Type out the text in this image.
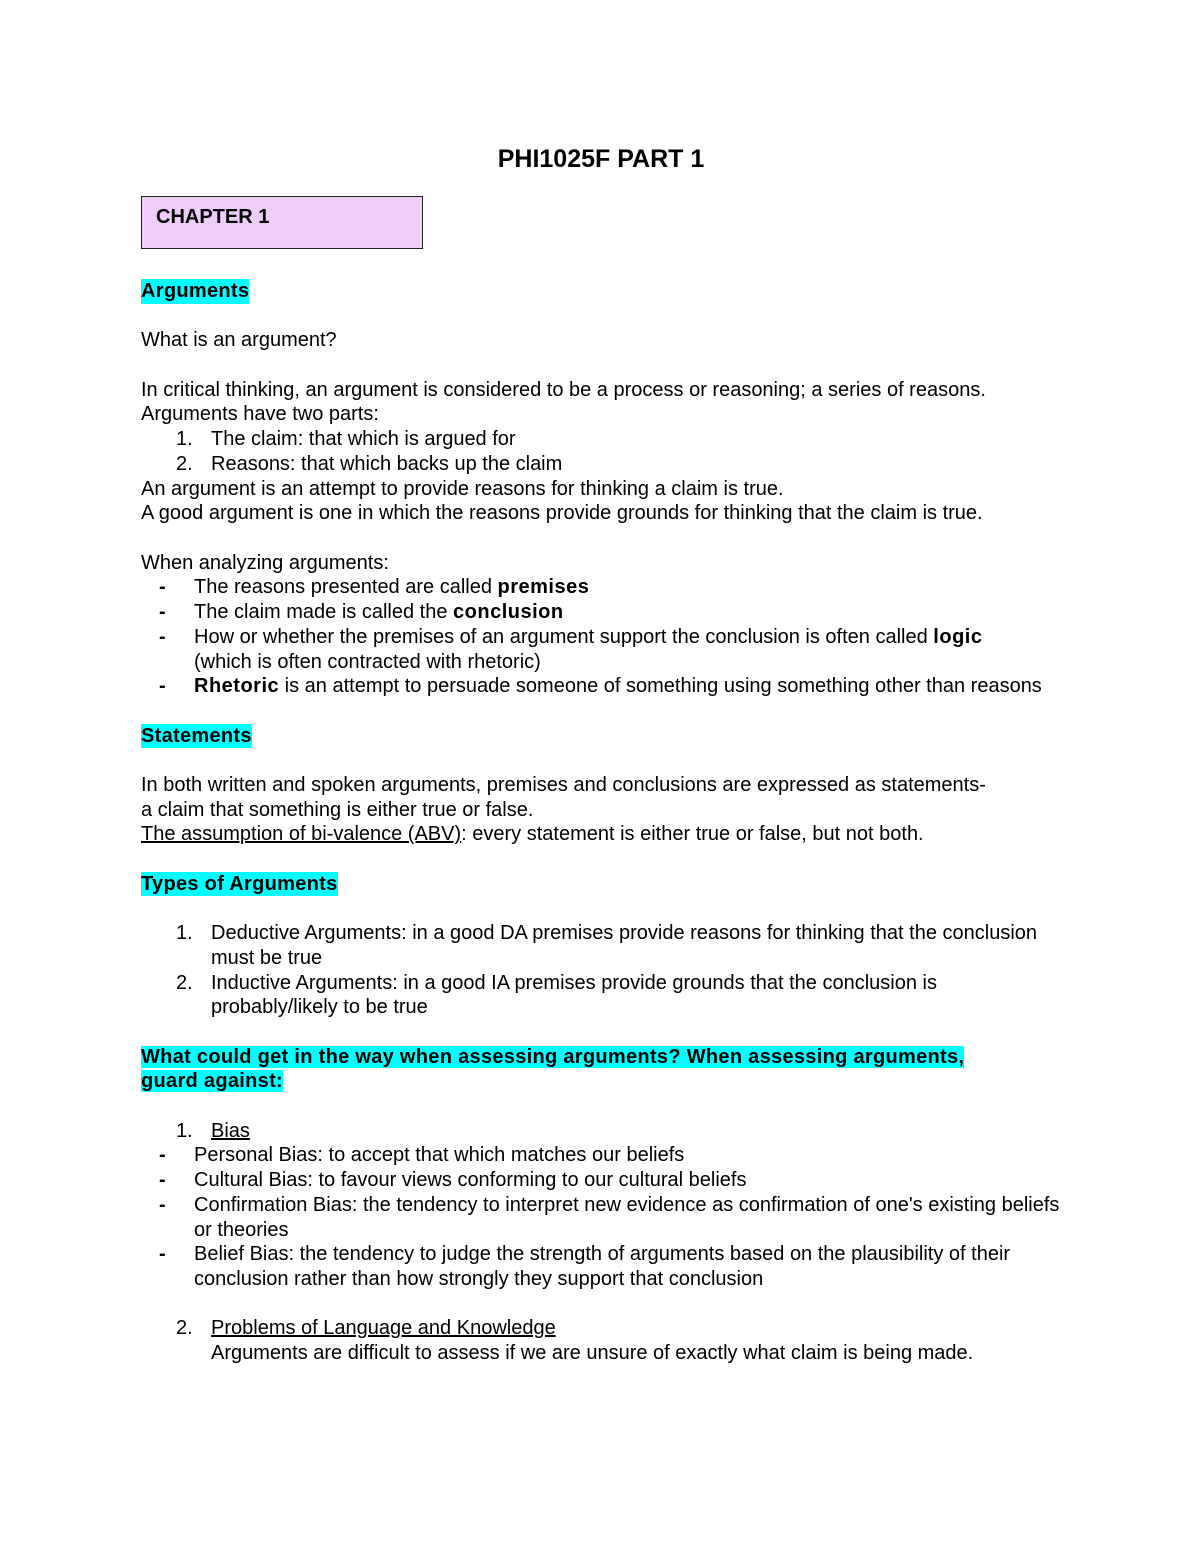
PHI1025F PART 1
CHAPTER 1
Arguments

What is an argument?

In critical thinking, an argument is considered to be a process or reasoning; a series of reasons.

Arguments have two parts:

1. The claim: that which is argued for
2. Reasons: that which backs up the claim

An argument is an attempt to provide reasons for thinking a claim is true.

A good argument is one in which the reasons provide grounds for thinking that the claim is true.

When analyzing arguments:

- The reasons presented are called premises
- The claim made is called the conclusion
- How or whether the premises of an argument support the conclusion is often called logic
(which is often contracted with rhetoric)
- Rhetoric is an attempt to persuade someone of something using something other than reasons
Statements

In both written and spoken arguments, premises and conclusions are expressed as statements-

a claim that something is either true or false.

The assumption of bi-valence (ABV): every statement is either true or false, but not both.

Types of Arguments
1. Deductive Arguments: in a good DA premises provide reasons for thinking that the conclusion must be true
2. Inductive Arguments: in a good IA premises provide grounds that the conclusion is probably/likely to be true

What could get in the way when assessing arguments? When assessing arguments, guard against:

1. Bias
- Personal Bias: to accept that which matches our beliefs
- Cultural Bias: to favour views conforming to our cultural beliefs
- Confirmation Bias: the tendency to interpret new evidence as confirmation of one's existing beliefs or theories
- Belief Bias: the tendency to judge the strength of arguments based on the plausibility of their conclusion rather than how strongly they support that conclusion
2. Problems of Language and Knowledge
Arguments are difficult to assess if we are unsure of exactly what claim is being made.
